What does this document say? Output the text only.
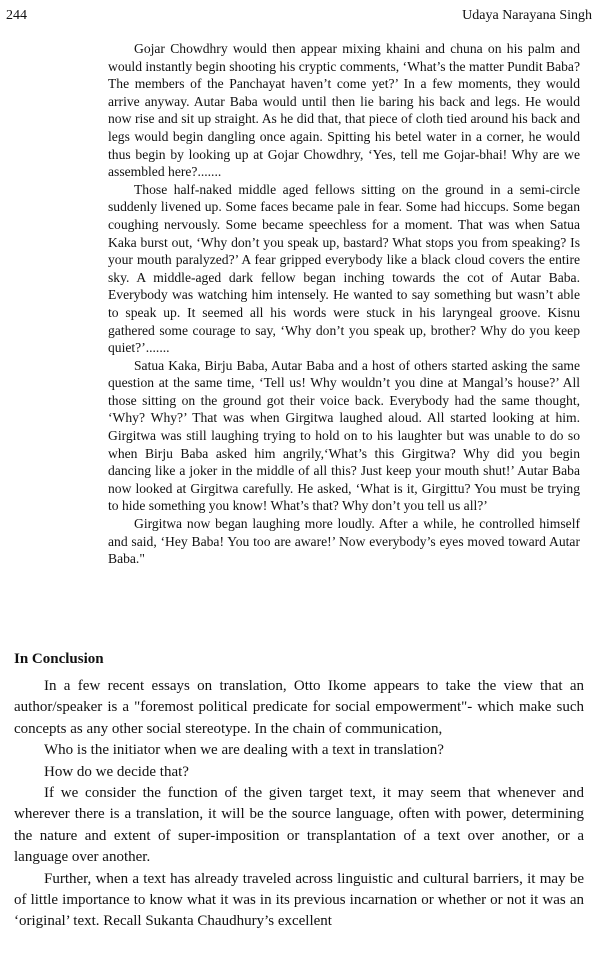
244	Udaya Narayana Singh

Gojar Chowdhry would then appear mixing khaini and chuna on his palm and would instantly begin shooting his cryptic comments, ‘What’s the matter Pundit Baba? The members of the Panchayat haven’t come yet?’ In a few moments, they would arrive anyway. Autar Baba would until then lie baring his back and legs. He would now rise and sit up straight. As he did that, that piece of cloth tied around his back and legs would begin dangling once again. Spitting his betel water in a corner, he would thus begin by looking up at Gojar Chowdhry, ‘Yes, tell me Gojar-bhai! Why are we assembled here?.......

Those half-naked middle aged fellows sitting on the ground in a semi-circle suddenly livened up. Some faces became pale in fear. Some had hiccups. Some began coughing nervously. Some became speechless for a moment. That was when Satua Kaka burst out, ‘Why don’t you speak up, bastard? What stops you from speaking? Is your mouth paralyzed?’ A fear gripped everybody like a black cloud covers the entire sky. A middle-aged dark fellow began inching towards the cot of Autar Baba. Everybody was watching him intensely. He wanted to say something but wasn’t able to speak up. It seemed all his words were stuck in his laryngeal groove. Kisnu gathered some courage to say, ‘Why don’t you speak up, brother? Why do you keep quiet?’.......

Satua Kaka, Birju Baba, Autar Baba and a host of others started asking the same question at the same time, ‘Tell us! Why wouldn’t you dine at Mangal’s house?’ All those sitting on the ground got their voice back. Everybody had the same thought, ‘Why? Why?’ That was when Girgitwa laughed aloud. All started looking at him. Girgitwa was still laughing trying to hold on to his laughter but was unable to do so when Birju Baba asked him angrily,‘What’s this Girgitwa? Why did you begin dancing like a joker in the middle of all this? Just keep your mouth shut!’ Autar Baba now looked at Girgitwa carefully. He asked, ‘What is it, Girgittu? You must be trying to hide something you know! What’s that? Why don’t you tell us all?’

Girgitwa now began laughing more loudly. After a while, he controlled himself and said, ‘Hey Baba! You too are aware!’ Now everybody’s eyes moved toward Autar Baba."

In Conclusion

In a few recent essays on translation, Otto Ikome appears to take the view that an author/speaker is a "foremost political predicate for social empowerment"- which make such concepts as any other social stereotype. In the chain of communication,

Who is the initiator when we are dealing with a text in translation?

How do we decide that?

If we consider the function of the given target text, it may seem that whenever and wherever there is a translation, it will be the source language, often with power, determining the nature and extent of super-imposition or transplantation of a text over another, or a language over another.

Further, when a text has already traveled across linguistic and cultural barriers, it may be of little importance to know what it was in its previous incarnation or whether or not it was an ‘original’ text. Recall Sukanta Chaudhury’s excellent
